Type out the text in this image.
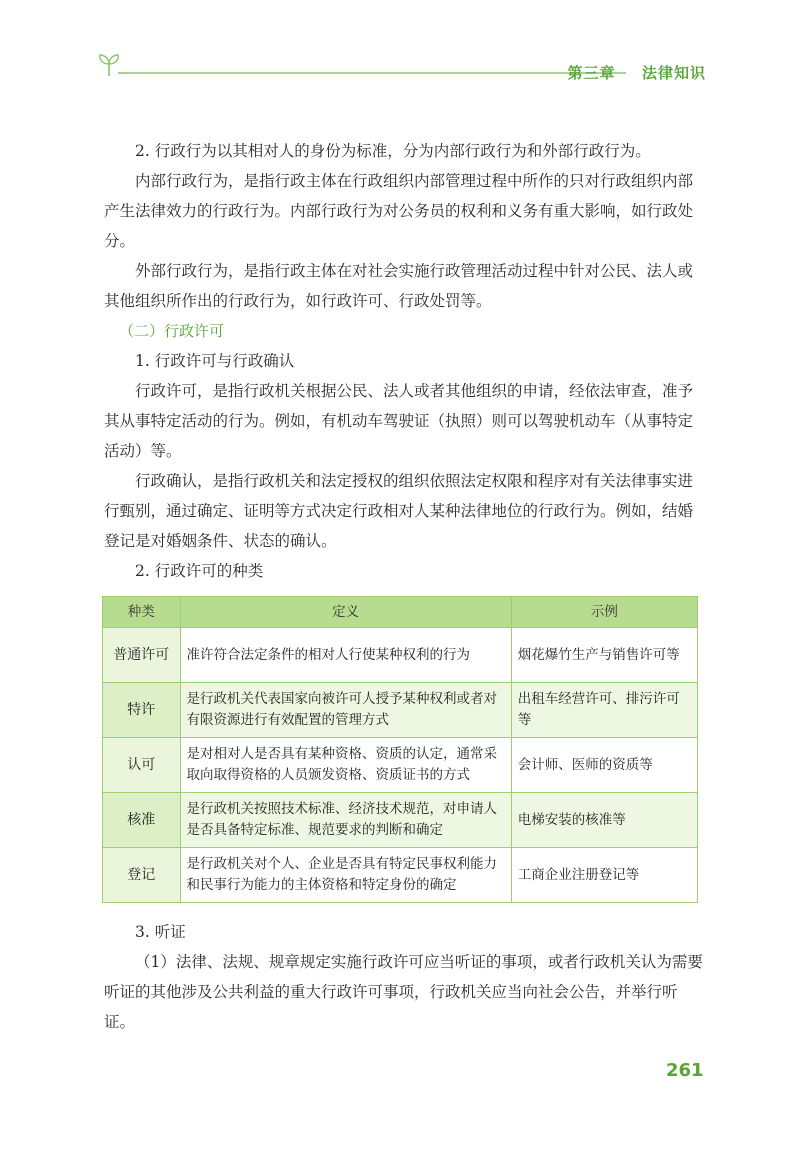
第三章 法律知识

2. 行政行为以其相对人的身份为标准，分为内部行政行为和外部行政行为。

内部行政行为，是指行政主体在行政组织内部管理过程中所作的只对行政组织内部产生法律效力的行政行为。内部行政行为对公务员的权利和义务有重大影响，如行政处分。

外部行政行为，是指行政主体在对社会实施行政管理活动过程中针对公民、法人或其他组织所作出的行政行为，如行政许可、行政处罚等。

（二）行政许可

1. 行政许可与行政确认

行政许可，是指行政机关根据公民、法人或者其他组织的申请，经依法审查，准予其从事特定活动的行为。例如，有机动车驾驶证（执照）则可以驾驶机动车（从事特定活动）等。

行政确认，是指行政机关和法定授权的组织依照法定权限和程序对有关法律事实进行甄别，通过确定、证明等方式决定行政相对人某种法律地位的行政行为。例如，结婚登记是对婚姻条件、状态的确认。

2. 行政许可的种类

种类	定义	示例
普通许可	准许符合法定条件的相对人行使某种权利的行为	烟花爆竹生产与销售许可等
特许	是行政机关代表国家向被许可人授予某种权利或者对有限资源进行有效配置的管理方式	出租车经营许可、排污许可等
认可	是对相对人是否具有某种资格、资质的认定，通常采取向取得资格的人员颁发资格、资质证书的方式	会计师、医师的资质等
核准	是行政机关按照技术标准、经济技术规范，对申请人是否具备特定标准、规范要求的判断和确定	电梯安装的核准等
登记	是行政机关对个人、企业是否具有特定民事权利能力和民事行为能力的主体资格和特定身份的确定	工商企业注册登记等

3. 听证

（1）法律、法规、规章规定实施行政许可应当听证的事项，或者行政机关认为需要听证的其他涉及公共利益的重大行政许可事项，行政机关应当向社会公告，并举行听证。

261
